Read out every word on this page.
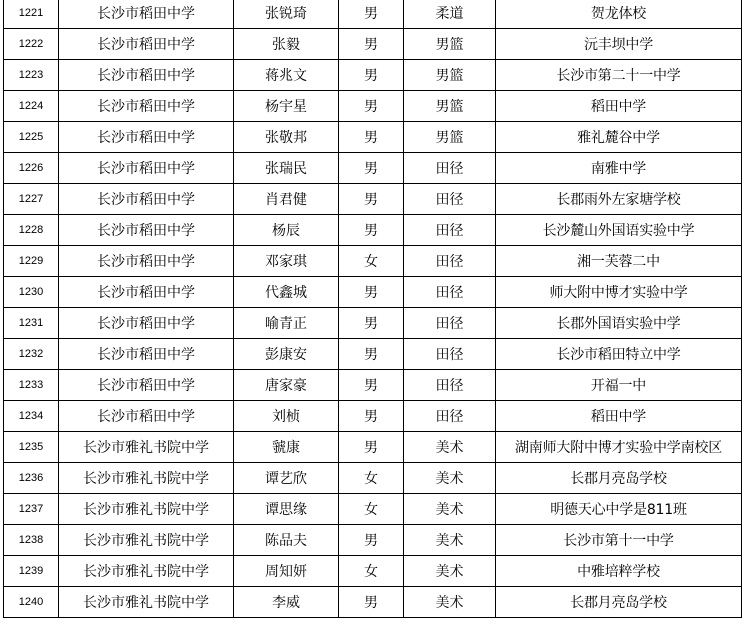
1221	长沙市稻田中学	张锐琦	男	柔道	贺龙体校
1222	长沙市稻田中学	张毅	男	男篮	沅丰坝中学
1223	长沙市稻田中学	蒋兆文	男	男篮	长沙市第二十一中学
1224	长沙市稻田中学	杨宇星	男	男篮	稻田中学
1225	长沙市稻田中学	张敬邦	男	男篮	雅礼麓谷中学
1226	长沙市稻田中学	张瑞民	男	田径	南雅中学
1227	长沙市稻田中学	肖君健	男	田径	长郡雨外左家塘学校
1228	长沙市稻田中学	杨辰	男	田径	长沙麓山外国语实验中学
1229	长沙市稻田中学	邓家琪	女	田径	湘一芙蓉二中
1230	长沙市稻田中学	代鑫城	男	田径	师大附中博才实验中学
1231	长沙市稻田中学	喻青正	男	田径	长郡外国语实验中学
1232	长沙市稻田中学	彭康安	男	田径	长沙市稻田特立中学
1233	长沙市稻田中学	唐家豪	男	田径	开福一中
1234	长沙市稻田中学	刘桢	男	田径	稻田中学
1235	长沙市雅礼书院中学	虢康	男	美术	湖南师大附中博才实验中学南校区
1236	长沙市雅礼书院中学	谭艺欣	女	美术	长郡月亮岛学校
1237	长沙市雅礼书院中学	谭思缘	女	美术	明德天心中学是811班
1238	长沙市雅礼书院中学	陈品夫	男	美术	长沙市第十一中学
1239	长沙市雅礼书院中学	周知妍	女	美术	中雅培粹学校
1240	长沙市雅礼书院中学	李威	男	美术	长郡月亮岛学校
